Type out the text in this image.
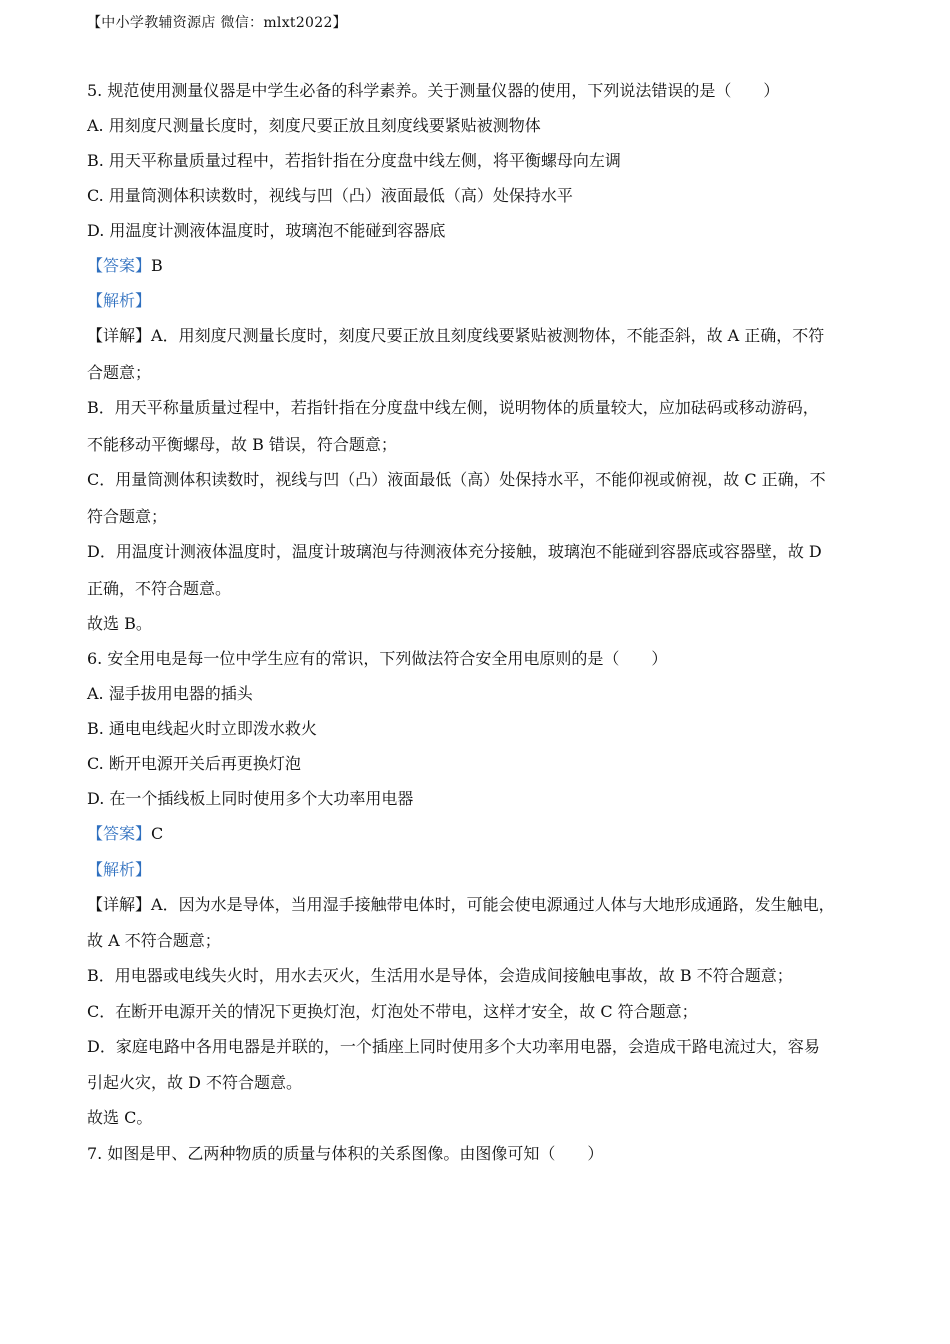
【中小学教辅资源店 微信：mlxt2022】
5. 规范使用测量仪器是中学生必备的科学素养。关于测量仪器的使用，下列说法错误的是（　　）
A. 用刻度尺测量长度时，刻度尺要正放且刻度线要紧贴被测物体
B. 用天平称量质量过程中，若指针指在分度盘中线左侧，将平衡螺母向左调
C. 用量筒测体积读数时，视线与凹（凸）液面最低（高）处保持水平
D. 用温度计测液体温度时，玻璃泡不能碰到容器底
【答案】B
【解析】
【详解】A．用刻度尺测量长度时，刻度尺要正放且刻度线要紧贴被测物体，不能歪斜，故 A 正确，不符
合题意；
B．用天平称量质量过程中，若指针指在分度盘中线左侧，说明物体的质量较大，应加砝码或移动游码，
不能移动平衡螺母，故 B 错误，符合题意；
C．用量筒测体积读数时，视线与凹（凸）液面最低（高）处保持水平，不能仰视或俯视，故 C 正确，不
符合题意；
D．用温度计测液体温度时，温度计玻璃泡与待测液体充分接触，玻璃泡不能碰到容器底或容器壁，故 D
正确，不符合题意。
故选 B。
6. 安全用电是每一位中学生应有的常识，下列做法符合安全用电原则的是（　　）
A. 湿手拔用电器的插头
B. 通电电线起火时立即泼水救火
C. 断开电源开关后再更换灯泡
D. 在一个插线板上同时使用多个大功率用电器
【答案】C
【解析】
【详解】A．因为水是导体，当用湿手接触带电体时，可能会使电源通过人体与大地形成通路，发生触电，
故 A 不符合题意；
B．用电器或电线失火时，用水去灭火，生活用水是导体，会造成间接触电事故，故 B 不符合题意；
C．在断开电源开关的情况下更换灯泡，灯泡处不带电，这样才安全，故 C 符合题意；
D．家庭电路中各用电器是并联的，一个插座上同时使用多个大功率用电器，会造成干路电流过大，容易
引起火灾，故 D 不符合题意。
故选 C。
7. 如图是甲、乙两种物质的质量与体积的关系图像。由图像可知（　　）
